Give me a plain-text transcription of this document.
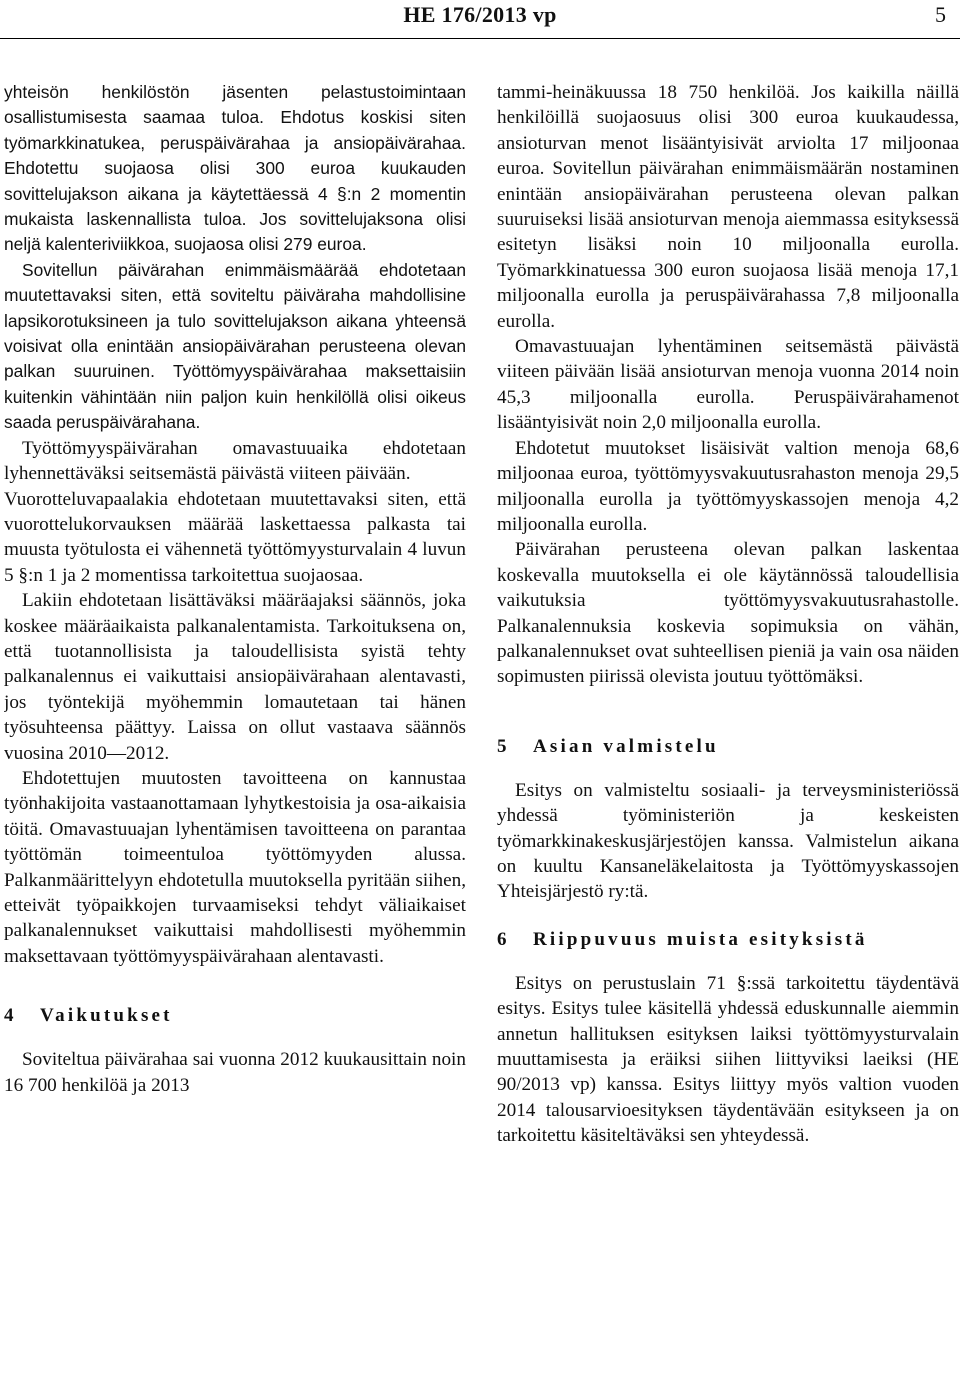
HE 176/2013 vp	5

yhteisön henkilöstön jäsenten pelastustoimintaan osallistumisesta saamaa tuloa. Ehdotus koskisi siten työmarkkinatukea, peruspäivärahaa ja ansiopäivärahaa. Ehdotettu suojaosa olisi 300 euroa kuukauden sovittelujakson aikana ja käytettäessä 4 §:n 2 momentin mukaista laskennallista tuloa. Jos sovittelujaksona olisi neljä kalenteriviikkoa, suojaosa olisi 279 euroa.

Sovitellun päivärahan enimmäismäärää ehdotetaan muutettavaksi siten, että soviteltu päiväraha mahdollisine lapsikorotuksineen ja tulo sovittelujakson aikana yhteensä voisivat olla enintään ansiopäivärahan perusteena olevan palkan suuruinen. Työttömyyspäivärahaa maksettaisiin kuitenkin vähintään niin paljon kuin henkilöllä olisi oikeus saada peruspäivärahana.

Työttömyyspäivärahan omavastuuaika ehdotetaan lyhennettäväksi seitsemästä päivästä viiteen päivään.

Vuorotteluvapaalakia ehdotetaan muutettavaksi siten, että vuorottelukorvauksen määrää laskettaessa palkasta tai muusta työtulosta ei vähennetä työttömyysturvalain 4 luvun 5 §:n 1 ja 2 momentissa tarkoitettua suojaosaa.

Lakiin ehdotetaan lisättäväksi määräajaksi säännös, joka koskee määräaikaista palkanalentamista. Tarkoituksena on, että tuotannollisista ja taloudellisista syistä tehty palkanalennus ei vaikuttaisi ansiopäivärahaan alentavasti, jos työntekijä myöhemmin lomautetaan tai hänen työsuhteensa päättyy. Laissa on ollut vastaava säännös vuosina 2010—2012.

Ehdotettujen muutosten tavoitteena on kannustaa työnhakijoita vastaanottamaan lyhytkestoisia ja osa-aikaisia töitä. Omavastuuajan lyhentämisen tavoitteena on parantaa työttömän toimeentuloa työttömyyden alussa. Palkanmäärittelyyn ehdotetulla muutoksella pyritään siihen, etteivät työpaikkojen turvaamiseksi tehdyt väliaikaiset palkanalennukset vaikuttaisi mahdollisesti myöhemmin maksettavaan työttömyyspäivärahaan alentavasti.

4 Vaikutukset

Soviteltua päivärahaa sai vuonna 2012 kuukausittain noin 16 700 henkilöä ja 2013

tammi-heinäkuussa 18 750 henkilöä. Jos kaikilla näillä henkilöillä suojaosuus olisi 300 euroa kuukaudessa, ansioturvan menot lisääntyisivät arviolta 17 miljoonaa euroa. Sovitellun päivärahan enimmäismäärän nostaminen enintään ansiopäivärahan perusteena olevan palkan suuruiseksi lisää ansioturvan menoja aiemmassa esityksessä esitetyn lisäksi noin 10 miljoonalla eurolla. Työmarkkinatuessa 300 euron suojaosa lisää menoja 17,1 miljoonalla eurolla ja peruspäivärahassa 7,8 miljoonalla eurolla.

Omavastuuajan lyhentäminen seitsemästä päivästä viiteen päivään lisää ansioturvan menoja vuonna 2014 noin 45,3 miljoonalla eurolla. Peruspäivärahamenot lisääntyisivät noin 2,0 miljoonalla eurolla.

Ehdotetut muutokset lisäisivät valtion menoja 68,6 miljoonaa euroa, työttömyysvakuutusrahaston menoja 29,5 miljoonalla eurolla ja työttömyyskassojen menoja 4,2 miljoonalla eurolla.

Päivärahan perusteena olevan palkan laskentaa koskevalla muutoksella ei ole käytännössä taloudellisia vaikutuksia työttömyysvakuutusrahastolle. Palkanalennuksia koskevia sopimuksia on vähän, palkanalennukset ovat suhteellisen pieniä ja vain osa näiden sopimusten piirissä olevista joutuu työttömäksi.

5 Asian valmistelu

Esitys on valmisteltu sosiaali- ja terveysministeriössä yhdessä työministeriön ja keskeisten työmarkkinakeskusjärjestöjen kanssa. Valmistelun aikana on kuultu Kansaneläkelaitosta ja Työttömyyskassojen Yhteisjärjestö ry:tä.

6 Riippuvuus muista esityksistä

Esitys on perustuslain 71 §:ssä tarkoitettu täydentävä esitys. Esitys tulee käsitellä yhdessä eduskunnalle aiemmin annetun hallituksen esityksen laiksi työttömyysturvalain muuttamisesta ja eräiksi siihen liittyviksi laeiksi (HE 90/2013 vp) kanssa. Esitys liittyy myös valtion vuoden 2014 talousarvioesityksen täydentävään esitykseen ja on tarkoitettu käsiteltäväksi sen yhteydessä.
